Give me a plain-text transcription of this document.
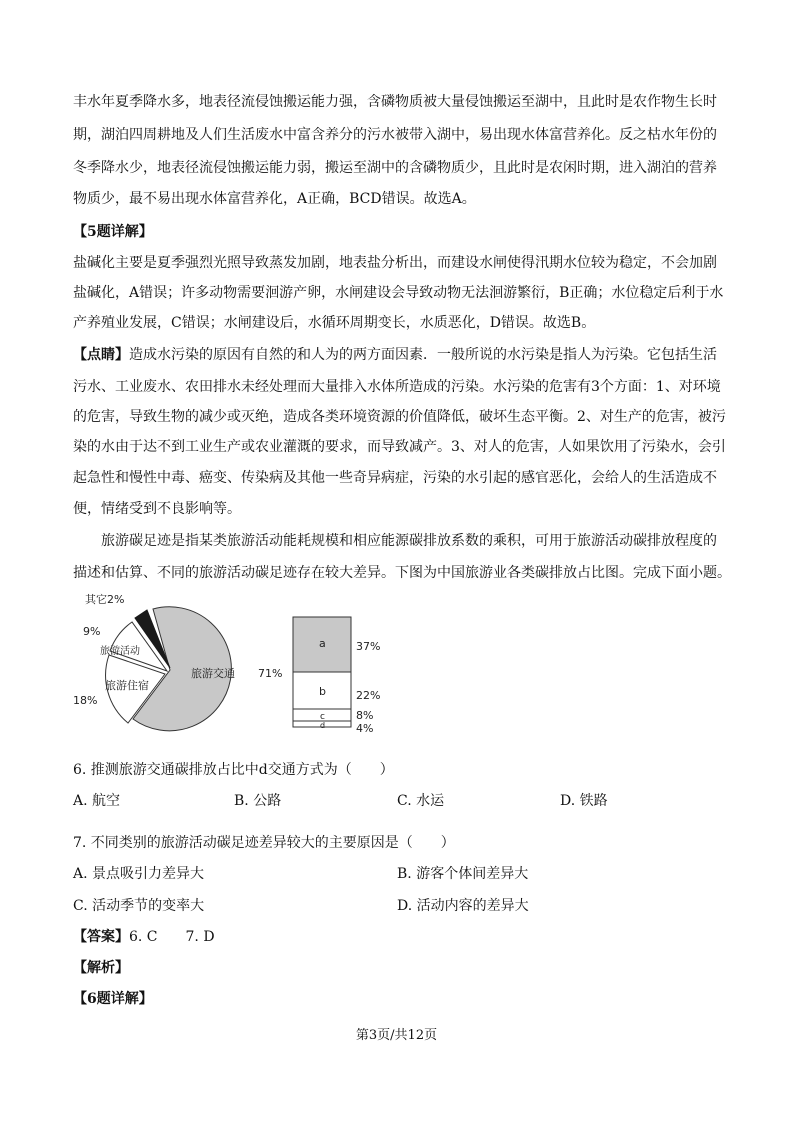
丰水年夏季降水多，地表径流侵蚀搬运能力强，含磷物质被大量侵蚀搬运至湖中，且此时是农作物生长时
期，湖泊四周耕地及人们生活废水中富含养分的污水被带入湖中，易出现水体富营养化。反之枯水年份的
冬季降水少，地表径流侵蚀搬运能力弱，搬运至湖中的含磷物质少，且此时是农闲时期，进入湖泊的营养
物质少，最不易出现水体富营养化，A正确，BCD错误。故选A。
【5题详解】
盐碱化主要是夏季强烈光照导致蒸发加剧，地表盐分析出，而建设水闸使得汛期水位较为稳定，不会加剧
盐碱化，A错误；许多动物需要洄游产卵，水闸建设会导致动物无法洄游繁衍，B正确；水位稳定后利于水
产养殖业发展，C错误；水闸建设后，水循环周期变长，水质恶化，D错误。故选B。
【点睛】造成水污染的原因有自然的和人为的两方面因素．一般所说的水污染是指人为污染。它包括生活
污水、工业废水、农田排水未经处理而大量排入水体所造成的污染。水污染的危害有3个方面：1、对环境
的危害，导致生物的减少或灭绝，造成各类环境资源的价值降低，破坏生态平衡。2、对生产的危害，被污
染的水由于达不到工业生产或农业灌溉的要求，而导致减产。3、对人的危害，人如果饮用了污染水，会引
起急性和慢性中毒、癌变、传染病及其他一些奇异病症，污染的水引起的感官恶化，会给人的生活造成不
便，情绪受到不良影响等。
旅游碳足迹是指某类旅游活动能耗规模和相应能源碳排放系数的乘积，可用于旅游活动碳排放程度的
描述和估算、不同的旅游活动碳足迹存在较大差异。下图为中国旅游业各类碳排放占比图。完成下面小题。
旅游交通 71%
旅游住宿
18%
旅游活动
9%
其它2%
a
b
c
d
37%
22%
8%
4%
6. 推测旅游交通碳排放占比中d交通方式为（　　）
A. 航空	B. 公路	C. 水运	D. 铁路
7. 不同类别的旅游活动碳足迹差异较大的主要原因是（　　）
A. 景点吸引力差异大	B. 游客个体间差异大
C. 活动季节的变率大	D. 活动内容的差异大
【答案】6. C　　7. D
【解析】
【6题详解】
第3页/共12页
